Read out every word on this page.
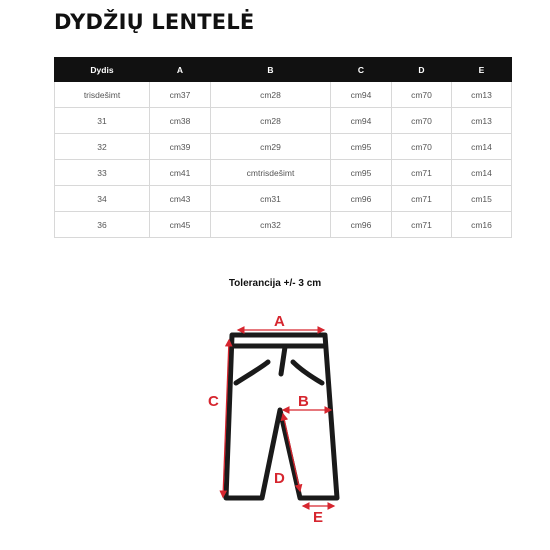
DYDŽIŲ LENTELĖ
Dydis	A	B	C	D	E
trisdešimt	cm37	cm28	cm94	cm70	cm13
31	cm38	cm28	cm94	cm70	cm13
32	cm39	cm29	cm95	cm70	cm14
33	cm41	cmtrisdešimt	cm95	cm71	cm14
34	cm43	cm31	cm96	cm71	cm15
36	cm45	cm32	cm96	cm71	cm16
Tolerancija +/- 3 cm
A
B
C
D
E
